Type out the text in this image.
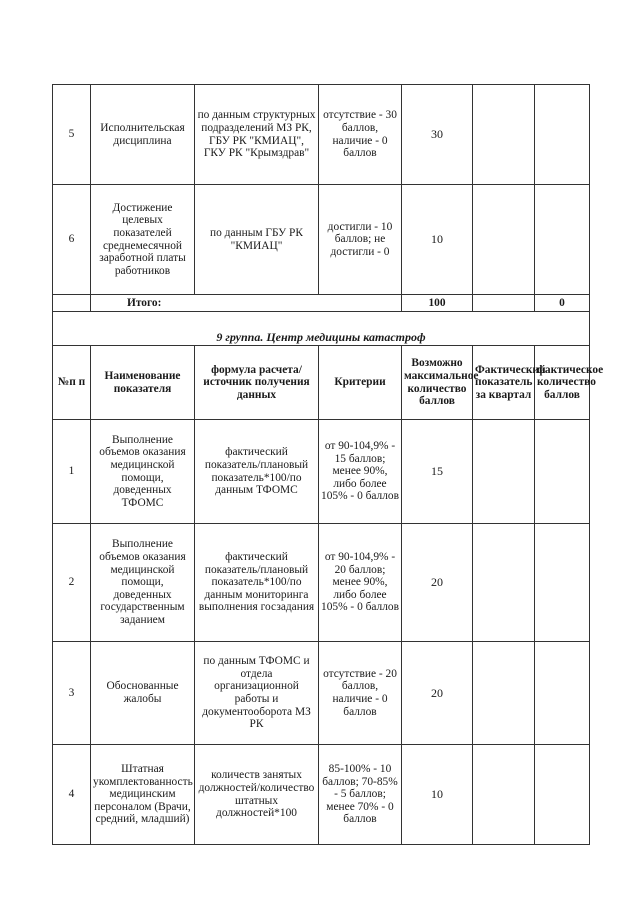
5	Исполнительская дисциплина	по данным структурных подразделений МЗ РК, ГБУ РК "КМИАЦ", ГКУ РК "Крымздрав"	отсутствие - 30 баллов, наличие - 0 баллов	30		
6	Достижение целевых показателей среднемесячной заработной платы работников	по данным ГБУ РК "КМИАЦ"	достигли - 10 баллов; не достигли - 0	10		
	Итого:			100		0
9 группа. Центр медицины катастроф						
№п п	Наименование показателя	формула расчета/источник получения данных	Критерии	Возможно максимальное количество баллов	Фактический показатель за квартал	фактическое количество баллов
1	Выполнение объемов оказания медицинской помощи, доведенных ТФОМС	фактический показатель/плановый показатель*100/по данным ТФОМС	от 90-104,9% - 15 баллов; менее 90%, либо более 105% - 0 баллов	15		
2	Выполнение объемов оказания медицинской помощи, доведенных государственным заданием	фактический показатель/плановый показатель*100/по данным мониторинга выполнения госзадания	от 90-104,9% - 20 баллов; менее 90%, либо более 105% - 0 баллов	20		
3	Обоснованные жалобы	по данным ТФОМС и отдела организационной работы и документооборота МЗ РК	отсутствие - 20 баллов, наличие - 0 баллов	20		
4	Штатная укомплектованность медицинским персоналом (Врачи, средний, младший)	количеств занятых должностей/количество штатных должностей*100	85-100% - 10 баллов; 70-85% - 5 баллов; менее 70% - 0 баллов	10		
